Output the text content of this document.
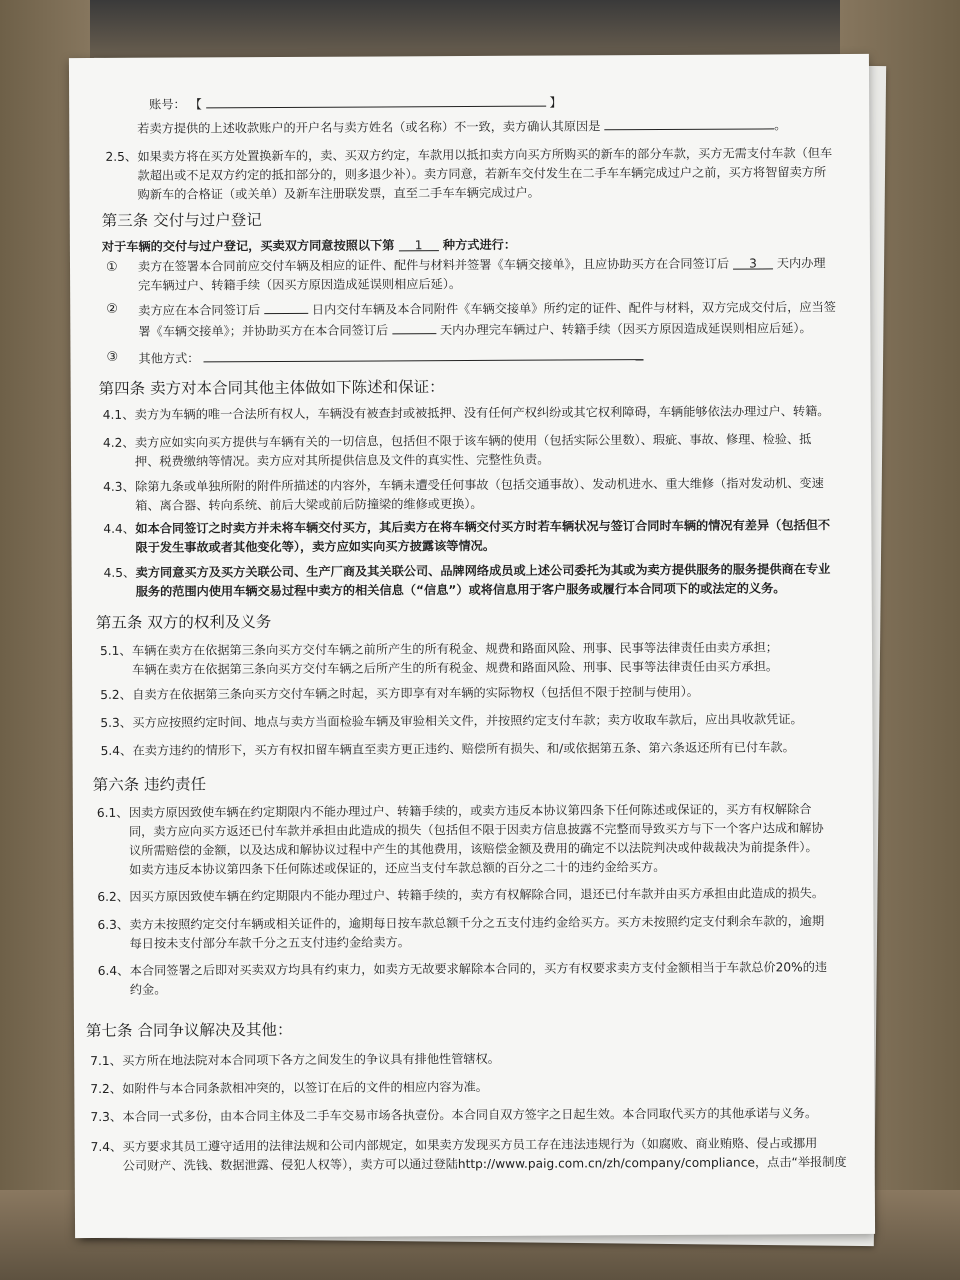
账号： 【	】
若卖方提供的上述收款账户的开户名与卖方姓名（或名称）不一致，卖方确认其原因是	。
2.5、 如果卖方将在买方处置换新车的，卖、买双方约定，车款用以抵扣卖方向买方所购买的新车的部分车款，买方无需支付车款（但车
款超出或不足双方约定的抵扣部分的，则多退少补）。卖方同意，若新车交付发生在二手车车辆完成过户之前，买方将智留卖方所
购新车的合格证（或关单）及新车注册联发票，直至二手车车辆完成过户。
第三条 交付与过户登记
对于车辆的交付与过户登记，买卖双方同意按照以下第 1 种方式进行：
① 卖方在签署本合同前应交付车辆及相应的证件、配件与材料并签署《车辆交接单》，且应协助买方在合同签订后 3 天内办理
完车辆过户、转籍手续（因买方原因造成延误则相应后延）。
② 卖方应在本合同签订后	日内交付车辆及本合同附件《车辆交接单》所约定的证件、配件与材料，双方完成交付后，应当签
署《车辆交接单》；并协助买方在本合同签订后	天内办理完车辆过户、转籍手续（因买方原因造成延误则相应后延）。
③ 其他方式：
第四条 卖方对本合同其他主体做如下陈述和保证：
4.1、 卖方为车辆的唯一合法所有权人，车辆没有被查封或被抵押、没有任何产权纠纷或其它权利障碍，车辆能够依法办理过户、转籍。
4.2、 卖方应如实向买方提供与车辆有关的一切信息，包括但不限于该车辆的使用（包括实际公里数）、瑕疵、事故、修理、检验、抵
押、税费缴纳等情况。卖方应对其所提供信息及文件的真实性、完整性负责。
4.3、 除第九条或单独所附的附件所描述的内容外，车辆未遭受任何事故（包括交通事故）、发动机进水、重大维修（指对发动机、变速
箱、离合器、转向系统、前后大梁或前后防撞梁的维修或更换）。
4.4、 如本合同签订之时卖方并未将车辆交付买方，其后卖方在将车辆交付买方时若车辆状况与签订合同时车辆的情况有差异（包括但不
限于发生事故或者其他变化等），卖方应如实向买方披露该等情况。
4.5、 卖方同意买方及买方关联公司、生产厂商及其关联公司、品牌网络成员或上述公司委托为其或为卖方提供服务的服务提供商在专业
服务的范围内使用车辆交易过程中卖方的相关信息（“信息”）或将信息用于客户服务或履行本合同项下的或法定的义务。
第五条 双方的权利及义务
5.1、 车辆在卖方在依据第三条向买方交付车辆之前所产生的所有税金、规费和路面风险、刑事、民事等法律责任由卖方承担；
车辆在卖方在依据第三条向买方交付车辆之后所产生的所有税金、规费和路面风险、刑事、民事等法律责任由买方承担。
5.2、 自卖方在依据第三条向买方交付车辆之时起，买方即享有对车辆的实际物权（包括但不限于控制与使用）。
5.3、 买方应按照约定时间、地点与卖方当面检验车辆及审验相关文件，并按照约定支付车款；卖方收取车款后，应出具收款凭证。
5.4、 在卖方违约的情形下，买方有权扣留车辆直至卖方更正违约、赔偿所有损失、和/或依据第五条、第六条返还所有已付车款。
第六条 违约责任
6.1、 因卖方原因致使车辆在约定期限内不能办理过户、转籍手续的，或卖方违反本协议第四条下任何陈述或保证的，买方有权解除合
同，卖方应向买方返还已付车款并承担由此造成的损失（包括但不限于因卖方信息披露不完整而导致买方与下一个客户达成和解协
议所需赔偿的金额，以及达成和解协议过程中产生的其他费用，该赔偿金额及费用的确定不以法院判决或仲裁裁决为前提条件）。
如卖方违反本协议第四条下任何陈述或保证的，还应当支付车款总额的百分之二十的违约金给买方。
6.2、 因买方原因致使车辆在约定期限内不能办理过户、转籍手续的，卖方有权解除合同，退还已付车款并由买方承担由此造成的损失。
6.3、 卖方未按照约定交付车辆或相关证件的，逾期每日按车款总额千分之五支付违约金给买方。买方未按照约定支付剩余车款的，逾期
每日按未支付部分车款千分之五支付违约金给卖方。
6.4、 本合同签署之后即对买卖双方均具有约束力，如卖方无故要求解除本合同的，买方有权要求卖方支付金额相当于车款总价20%的违
约金。
第七条 合同争议解决及其他：
7.1、 买方所在地法院对本合同项下各方之间发生的争议具有排他性管辖权。
7.2、 如附件与本合同条款相冲突的，以签订在后的文件的相应内容为准。
7.3、 本合同一式多份，由本合同主体及二手车交易市场各执壹份。本合同自双方签字之日起生效。本合同取代买方的其他承诺与义务。
7.4、 买方要求其员工遵守适用的法律法规和公司内部规定，如果卖方发现买方员工存在违法违规行为（如腐败、商业贿赂、侵占或挪用
公司财产、洗钱、数据泄露、侵犯人权等），卖方可以通过登陆http://www.paig.com.cn/zh/company/compliance，点击“举报制度
